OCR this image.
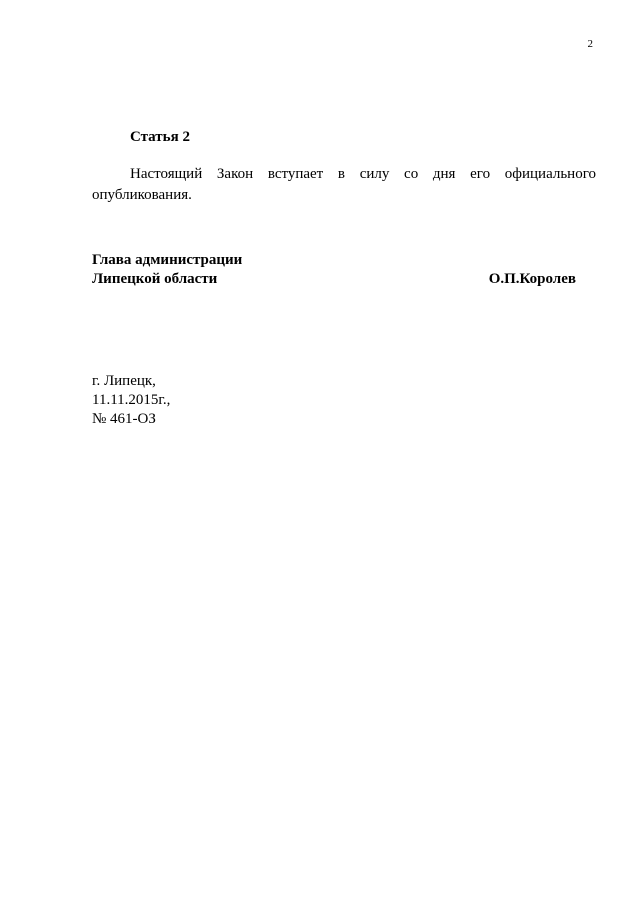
2
Статья 2

Настоящий Закон вступает в силу со дня его официального опубликования.

Глава администрации
Липецкой области	О.П.Королев
г. Липецк,
11.11.2015г.,
№ 461-ОЗ
